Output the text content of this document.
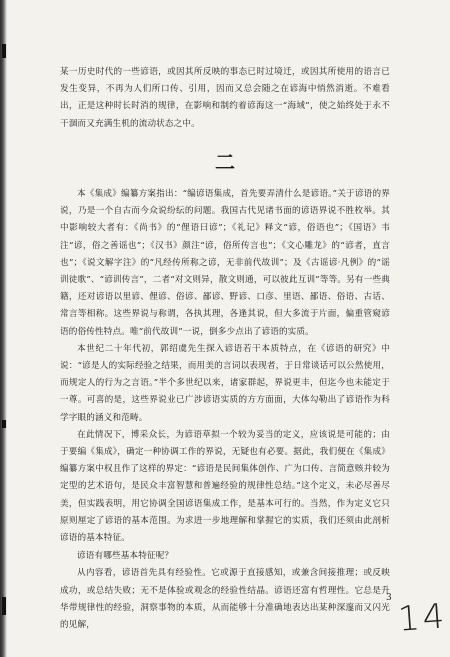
某一历史时代的一些谚语，或因其所反映的事态已时过境迁，或因其所使用的语言已发生变异，不再为人们所口传、引用，因而又总会随之在谚海中悄然消逝。不难看出，正是这种时长时消的规律，在影响和制约着谚海这一“海域”，使之始终处于永不干涸而又充满生机的流动状态之中。

二

本《集成》编纂方案指出：“编谚语集成，首先要弄清什么是谚语。”关于谚语的界说，乃是一个自古而今众说纷纭的问题。我国古代见诸书面的谚语界说不胜枚举。其中影响较大者有：《尚书》的“俚语曰谚”；《礼记》释文“谚，俗语也”；《国语》韦注“谚，俗之善谣也”；《汉书》颜注“谚，俗所传言也”；《文心雕龙》的“谚者，直言也”；《说文解字注》的“凡经传所称之谚，无非前代故训”；及《古谣谚·凡例》的“谣训徒歌”、“谚训传言”，二者“对文则异，散文则通，可以彼此互训”等等。另有一些典籍，还对谚语以里谚、俚谚、俗谚、鄙谚、野谚、口彦、里语、鄙语、俗语、古话、常言等相称。这些界说与称谓，各执其理，各逢其说，但大多流于片面，偏重管窥谚语的俗传性特点。唯“前代故训”一说，倒多少点出了谚语的实质。

本世纪二十年代初，郭绍虞先生探入谚语若干本质特点，在《谚语的研究》中说：“谚是人的实际经验之结果，而用美的言词以表现者，于日常谈话可以公然使用，而规定人的行为之言语。”半个多世纪以来，诸家群起，界说更丰，但迄今也未能定于一尊。可喜的是，这些界说业已广涉谚语实质的方方面面，大体勾勒出了谚语作为科学字眼的涵义和范畴。

在此情况下，博采众长，为谚语草拟一个较为妥当的定义，应该说是可能的；由于要编《集成》，确定一种协调工作的界说，无疑也有必要。据此，我们便在《集成》编纂方案中权且作了这样的界定：“谚语是民间集体创作、广为口传、言简意赅并较为定型的艺术语句，是民众丰富智慧和普遍经验的规律性总结。”这个定义，未必尽善尽美，但实践表明，用它协调全国谚语集成工作，是基本可行的。当然，作为定义它只原则厘定了谚语的基本范围。为求进一步地理解和掌握它的实质，我们还须由此剖析谚语的基本特征。

谚语有哪些基本特征呢？

从内容看，谚语首先具有经验性。它或源于直接感知，或兼含间接推理；或反映成功，或总结失败；无不是体验或观念的经验性结晶。谚语还富有哲理性。它总是升华带规律性的经验，洞察事物的本质，从而能够十分准确地表达出某种深邃而又闪光的见解，

3 14
